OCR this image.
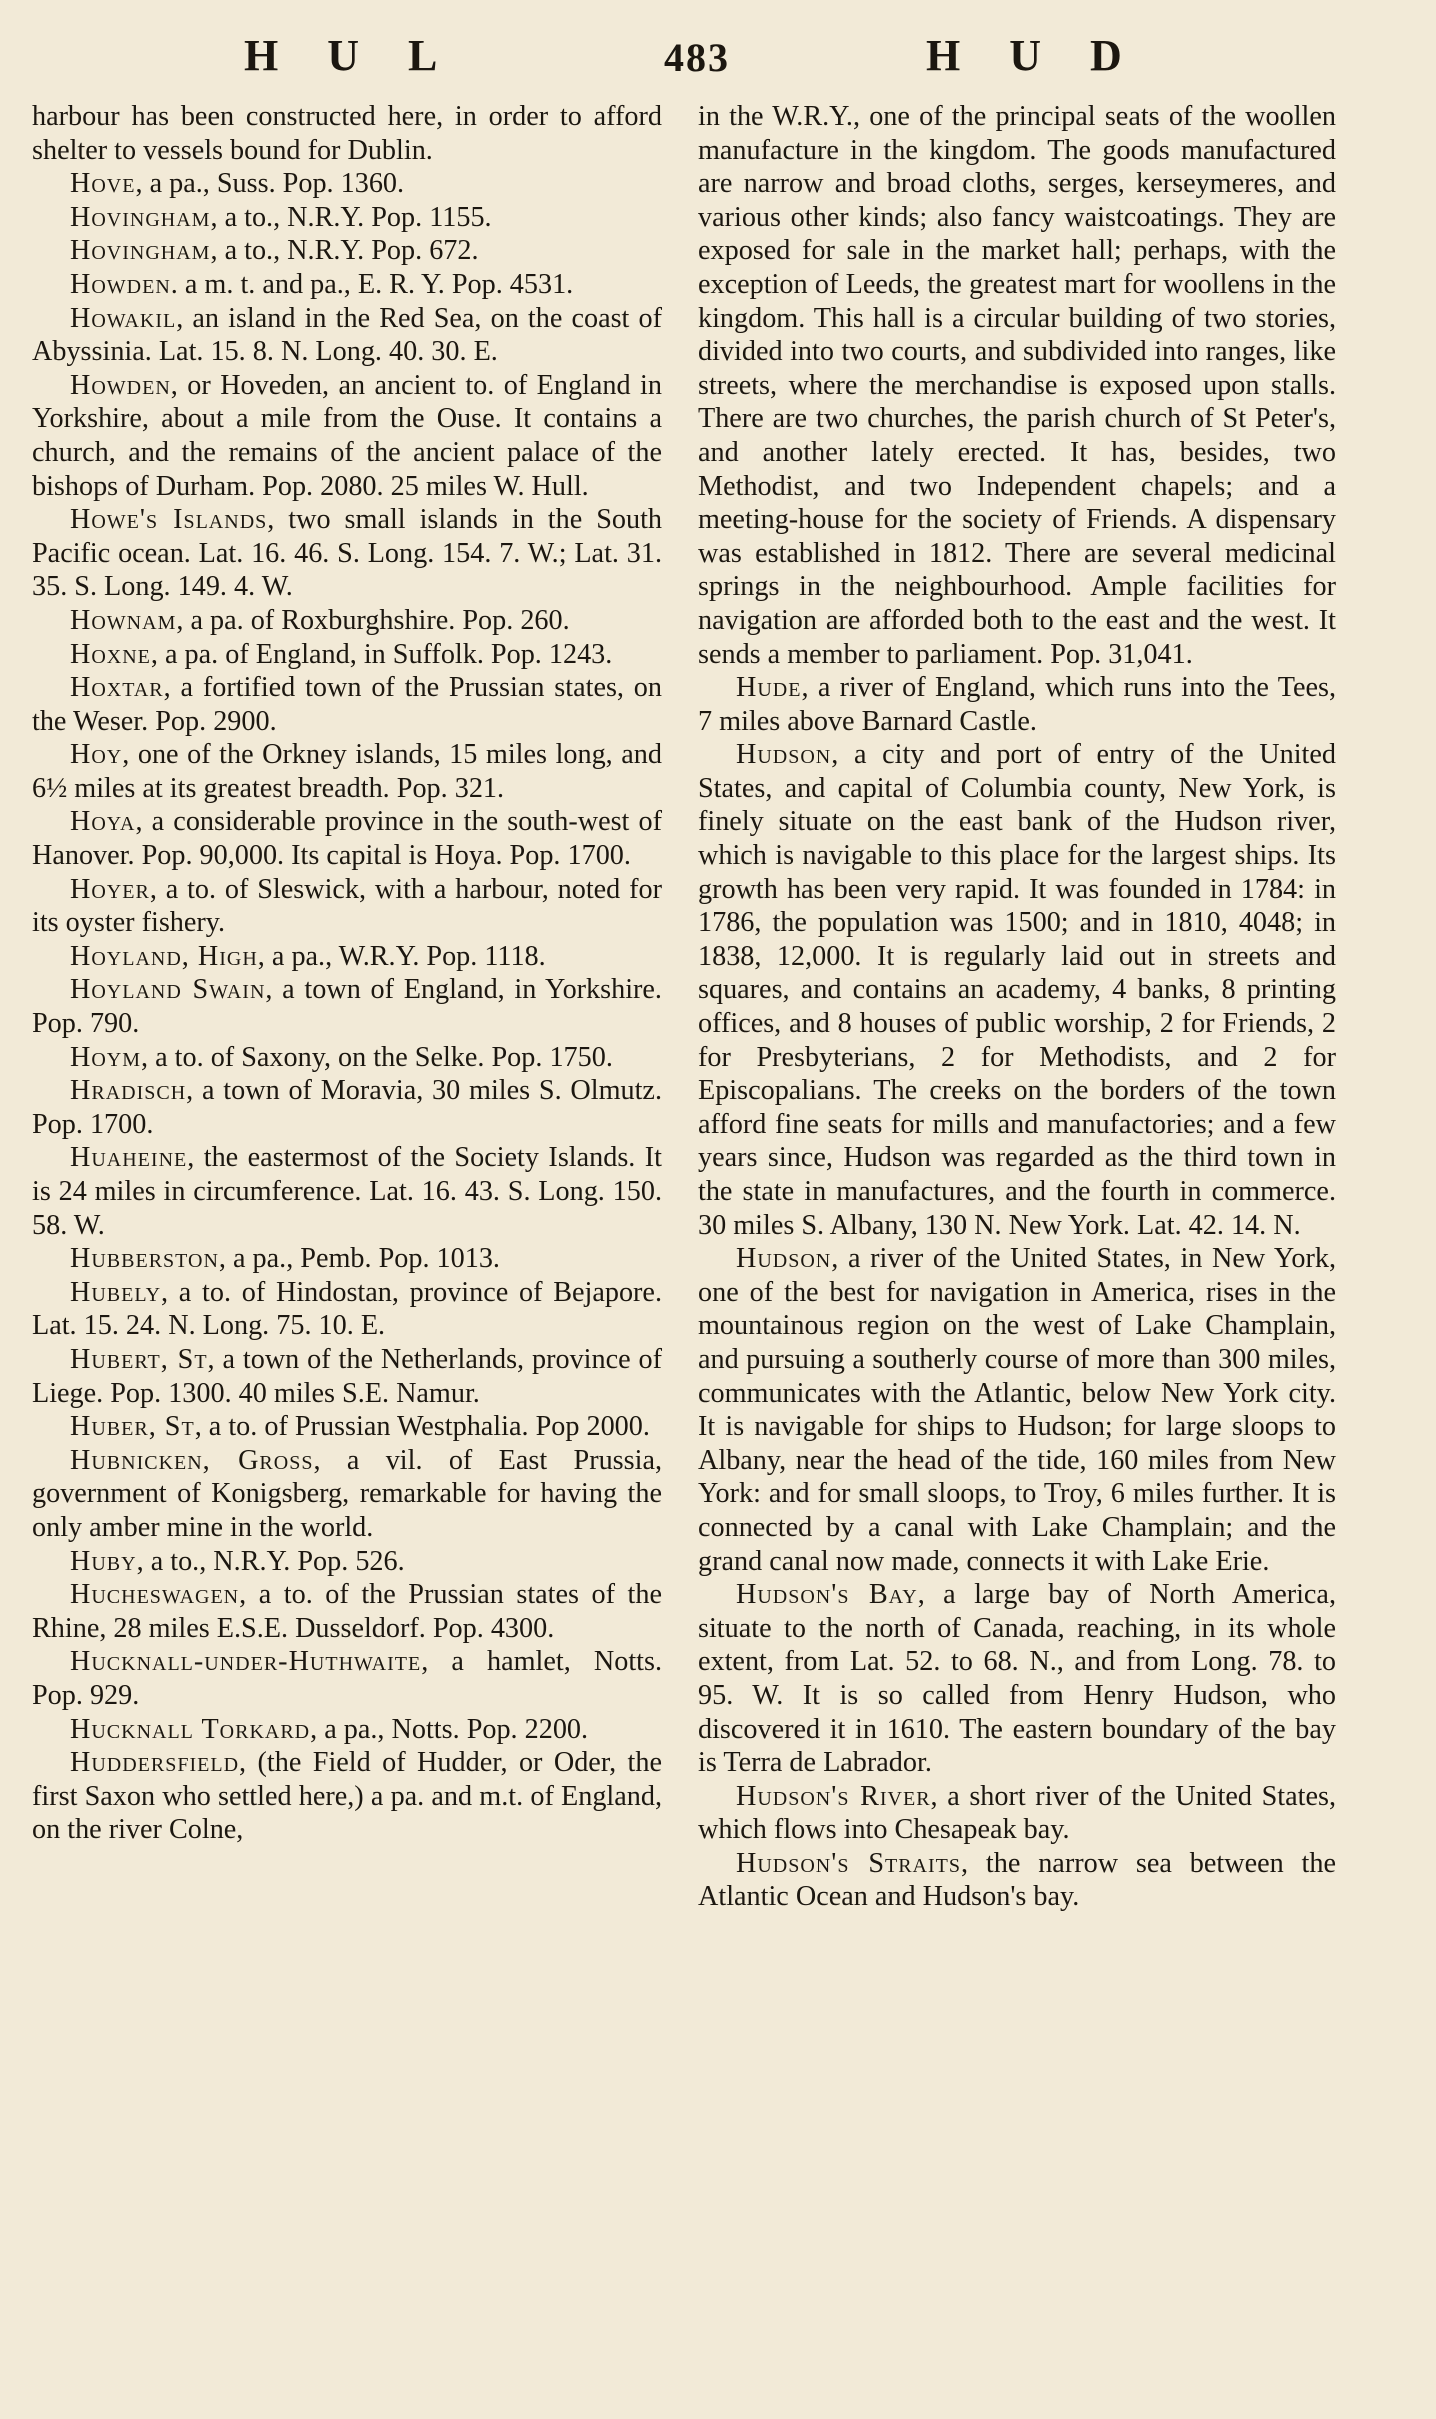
H U L	483	H U D

harbour has been constructed here, in order to afford shelter to vessels bound for Dublin.

Hove, a pa., Suss. Pop. 1360.

Hovingham, a to., N.R.Y. Pop. 1155.

Hovingham, a to., N.R.Y. Pop. 672.

Howden. a m. t. and pa., E. R. Y. Pop. 4531.

Howakil, an island in the Red Sea, on the coast of Abyssinia. Lat. 15. 8. N. Long. 40. 30. E.

Howden, or Hoveden, an ancient to. of England in Yorkshire, about a mile from the Ouse. It contains a church, and the remains of the ancient palace of the bishops of Durham. Pop. 2080. 25 miles W. Hull.

Howe's Islands, two small islands in the South Pacific ocean. Lat. 16. 46. S. Long. 154. 7. W.; Lat. 31. 35. S. Long. 149. 4. W.

Hownam, a pa. of Roxburghshire. Pop. 260.

Hoxne, a pa. of England, in Suffolk. Pop. 1243.

Hoxtar, a fortified town of the Prussian states, on the Weser. Pop. 2900.

Hoy, one of the Orkney islands, 15 miles long, and 6½ miles at its greatest breadth. Pop. 321.

Hoya, a considerable province in the south-west of Hanover. Pop. 90,000. Its capital is Hoya. Pop. 1700.

Hoyer, a to. of Sleswick, with a harbour, noted for its oyster fishery.

Hoyland, High, a pa., W.R.Y. Pop. 1118.

Hoyland Swain, a town of England, in Yorkshire. Pop. 790.

Hoym, a to. of Saxony, on the Selke. Pop. 1750.

Hradisch, a town of Moravia, 30 miles S. Olmutz. Pop. 1700.

Huaheine, the eastermost of the Society Islands. It is 24 miles in circumference. Lat. 16. 43. S. Long. 150. 58. W.

Hubberston, a pa., Pemb. Pop. 1013.

Hubely, a to. of Hindostan, province of Bejapore. Lat. 15. 24. N. Long. 75. 10. E.

Hubert, St, a town of the Netherlands, province of Liege. Pop. 1300. 40 miles S.E. Namur.

Huber, St, a to. of Prussian Westphalia. Pop 2000.

Hubnicken, Gross, a vil. of East Prussia, government of Konigsberg, remarkable for having the only amber mine in the world.

Huby, a to., N.R.Y. Pop. 526.

Hucheswagen, a to. of the Prussian states of the Rhine, 28 miles E.S.E. Dusseldorf. Pop. 4300.

Hucknall-under-Huthwaite, a hamlet, Notts. Pop. 929.

Hucknall Torkard, a pa., Notts. Pop. 2200.

Huddersfield, (the Field of Hudder, or Oder, the first Saxon who settled here,) a pa. and m.t. of England, on the river Colne,

in the W.R.Y., one of the principal seats of the woollen manufacture in the kingdom. The goods manufactured are narrow and broad cloths, serges, kerseymeres, and various other kinds; also fancy waistcoatings. They are exposed for sale in the market hall; perhaps, with the exception of Leeds, the greatest mart for woollens in the kingdom. This hall is a circular building of two stories, divided into two courts, and subdivided into ranges, like streets, where the merchandise is exposed upon stalls. There are two churches, the parish church of St Peter's, and another lately erected. It has, besides, two Methodist, and two Independent chapels; and a meeting-house for the society of Friends. A dispensary was established in 1812. There are several medicinal springs in the neighbourhood. Ample facilities for navigation are afforded both to the east and the west. It sends a member to parliament. Pop. 31,041.

Hude, a river of England, which runs into the Tees, 7 miles above Barnard Castle.

Hudson, a city and port of entry of the United States, and capital of Columbia county, New York, is finely situate on the east bank of the Hudson river, which is navigable to this place for the largest ships. Its growth has been very rapid. It was founded in 1784: in 1786, the population was 1500; and in 1810, 4048; in 1838, 12,000. It is regularly laid out in streets and squares, and contains an academy, 4 banks, 8 printing offices, and 8 houses of public worship, 2 for Friends, 2 for Presbyterians, 2 for Methodists, and 2 for Episcopalians. The creeks on the borders of the town afford fine seats for mills and manufactories; and a few years since, Hudson was regarded as the third town in the state in manufactures, and the fourth in commerce. 30 miles S. Albany, 130 N. New York. Lat. 42. 14. N.

Hudson, a river of the United States, in New York, one of the best for navigation in America, rises in the mountainous region on the west of Lake Champlain, and pursuing a southerly course of more than 300 miles, communicates with the Atlantic, below New York city. It is navigable for ships to Hudson; for large sloops to Albany, near the head of the tide, 160 miles from New York: and for small sloops, to Troy, 6 miles further. It is connected by a canal with Lake Champlain; and the grand canal now made, connects it with Lake Erie.

Hudson's Bay, a large bay of North America, situate to the north of Canada, reaching, in its whole extent, from Lat. 52. to 68. N., and from Long. 78. to 95. W. It is so called from Henry Hudson, who discovered it in 1610. The eastern boundary of the bay is Terra de Labrador.

Hudson's River, a short river of the United States, which flows into Chesapeak bay.

Hudson's Straits, the narrow sea between the Atlantic Ocean and Hudson's bay.
